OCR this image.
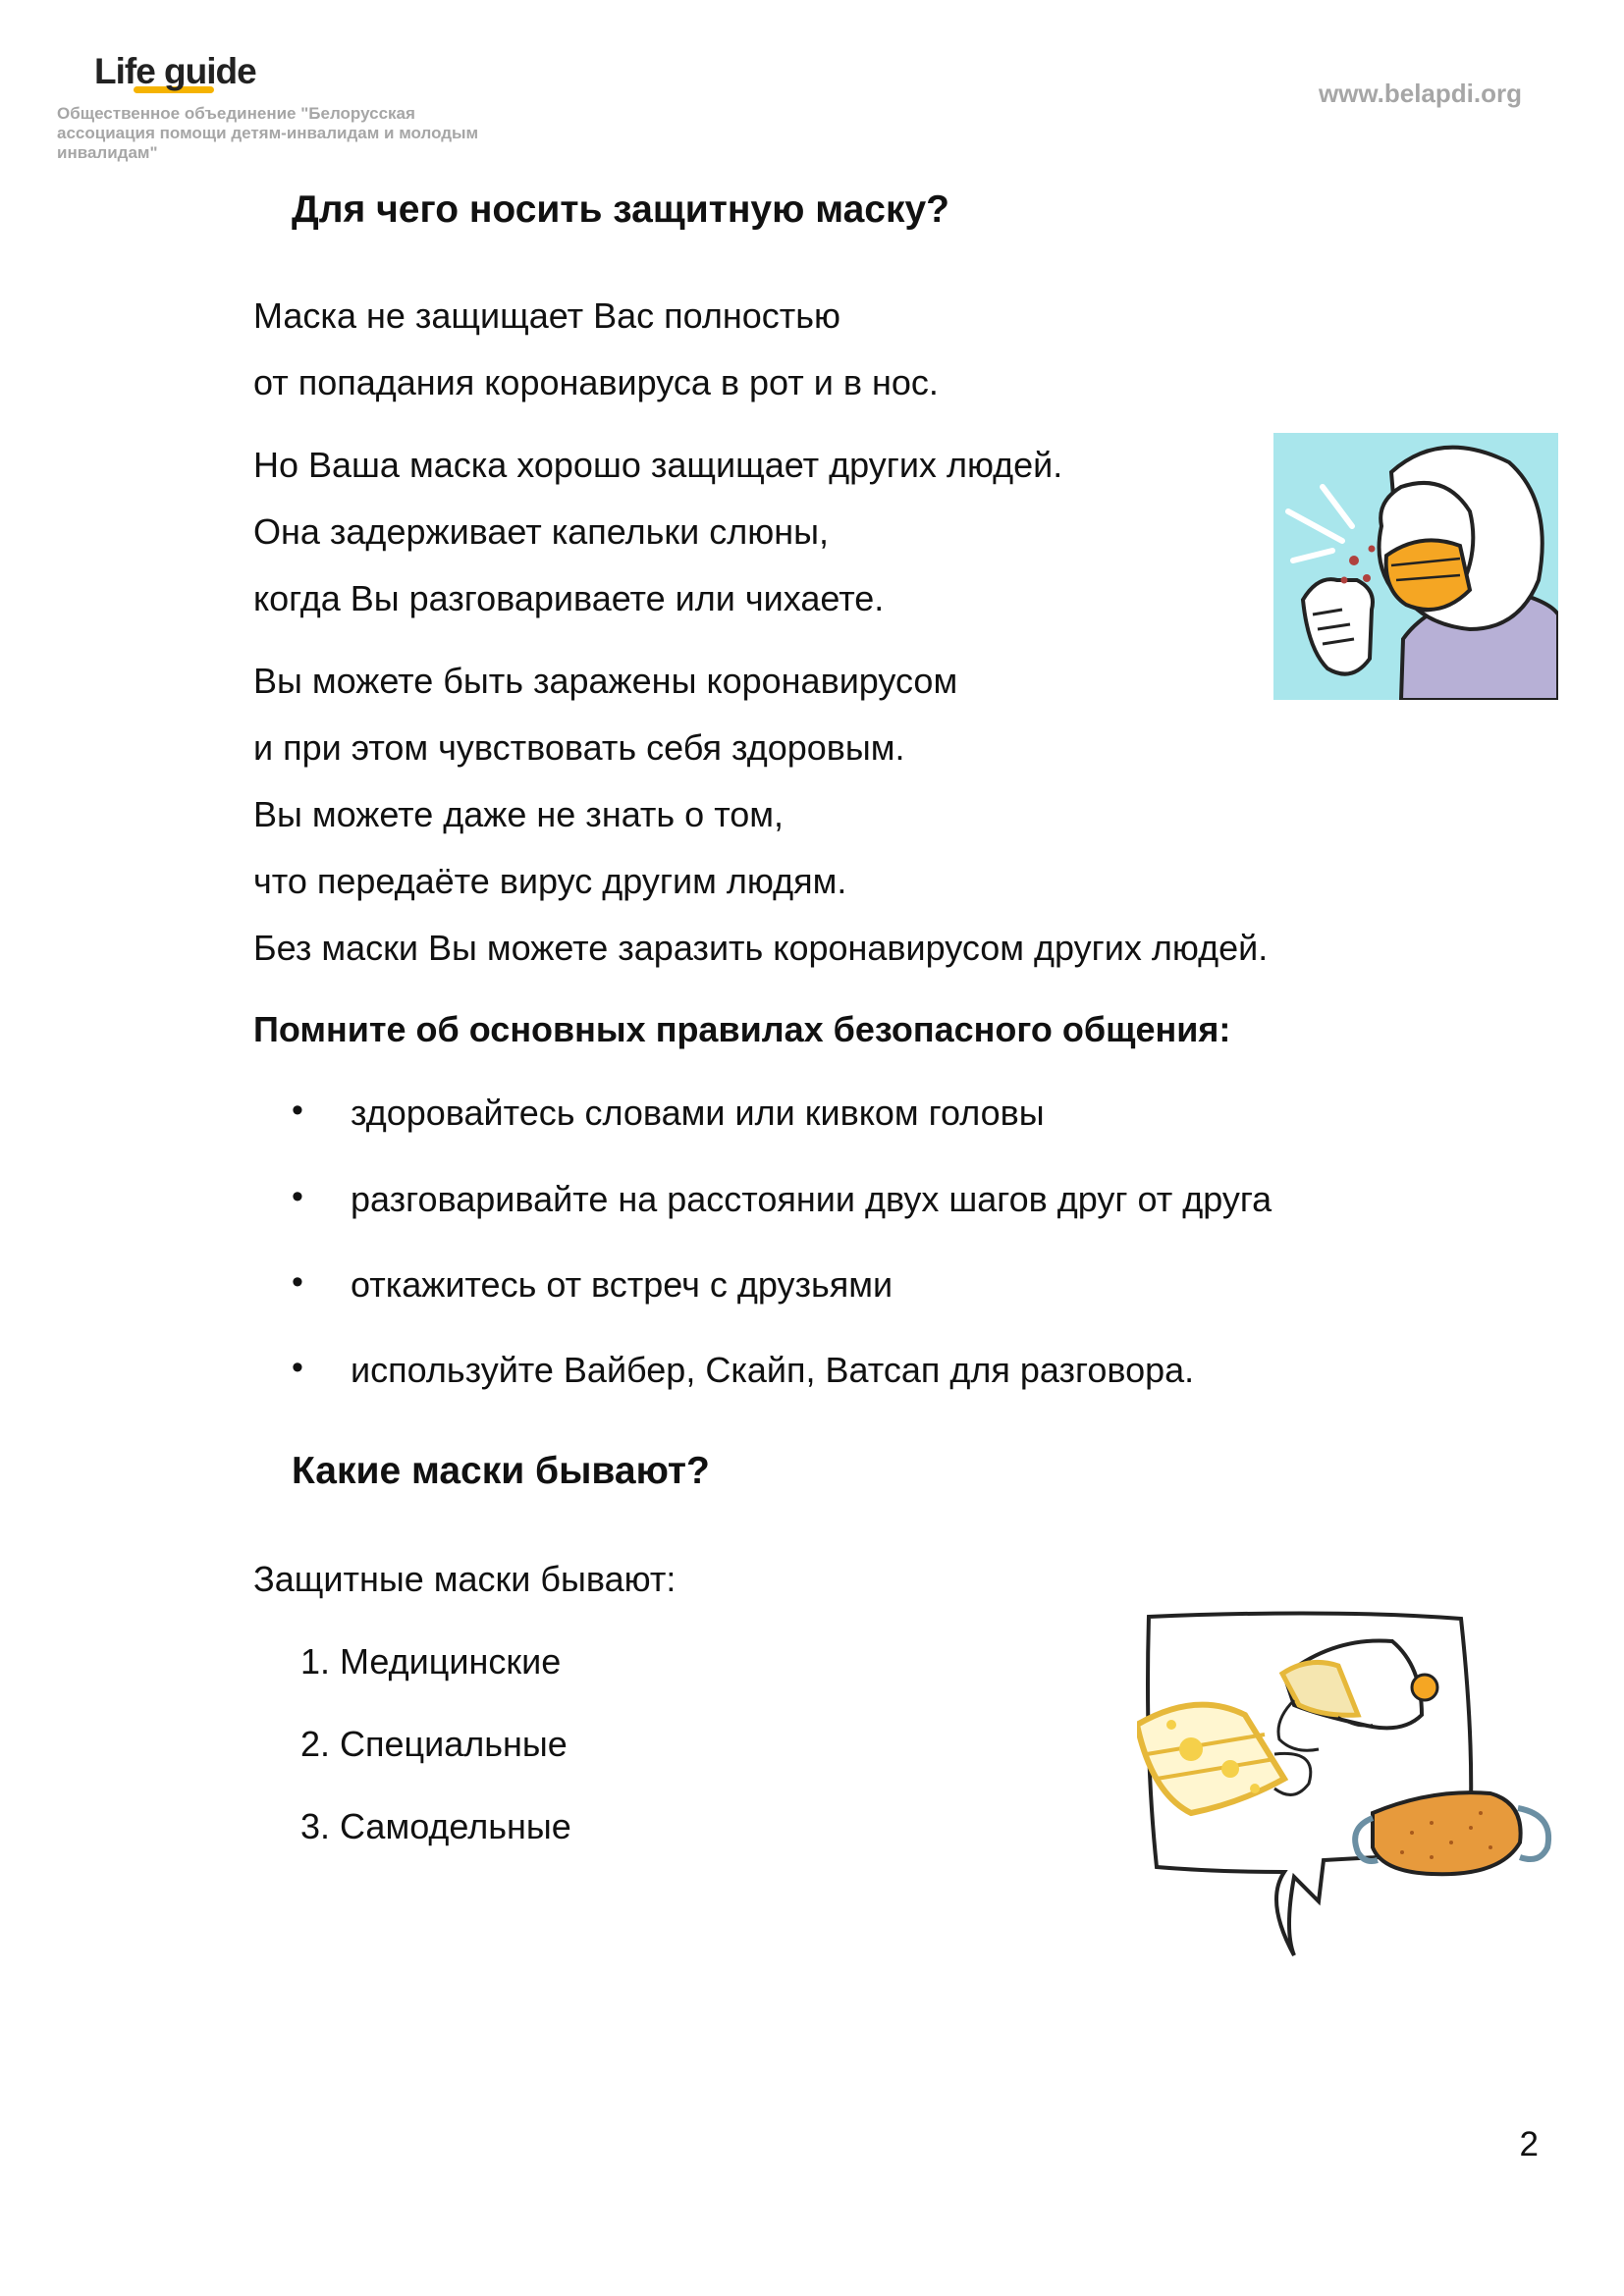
Life guide
Общественное объединение "Белорусская ассоциация помощи детям-инвалидам и молодым инвалидам"
www.belapdi.org
Для чего носить защитную маску?
Маска не защищает Вас полностью
от попадания коронавируса в рот и в нос.
Но Ваша маска хорошо защищает других людей.
Она задерживает капельки слюны,
когда Вы разговариваете или чихаете.
Вы можете быть заражены коронавирусом
и при этом чувствовать себя здоровым.
Вы можете даже не знать о том,
что передаёте вирус другим людям.
Без маски Вы можете заразить коронавирусом других людей.
Помните об основных правилах безопасного общения:
• здоровайтесь словами или кивком головы
• разговаривайте на расстоянии двух шагов друг от друга
• откажитесь от встреч с друзьями
• используйте Вайбер, Скайп, Ватсап для разговора.
Какие маски бывают?
Защитные маски бывают:
1. Медицинские
2. Специальные
3. Самодельные
2
